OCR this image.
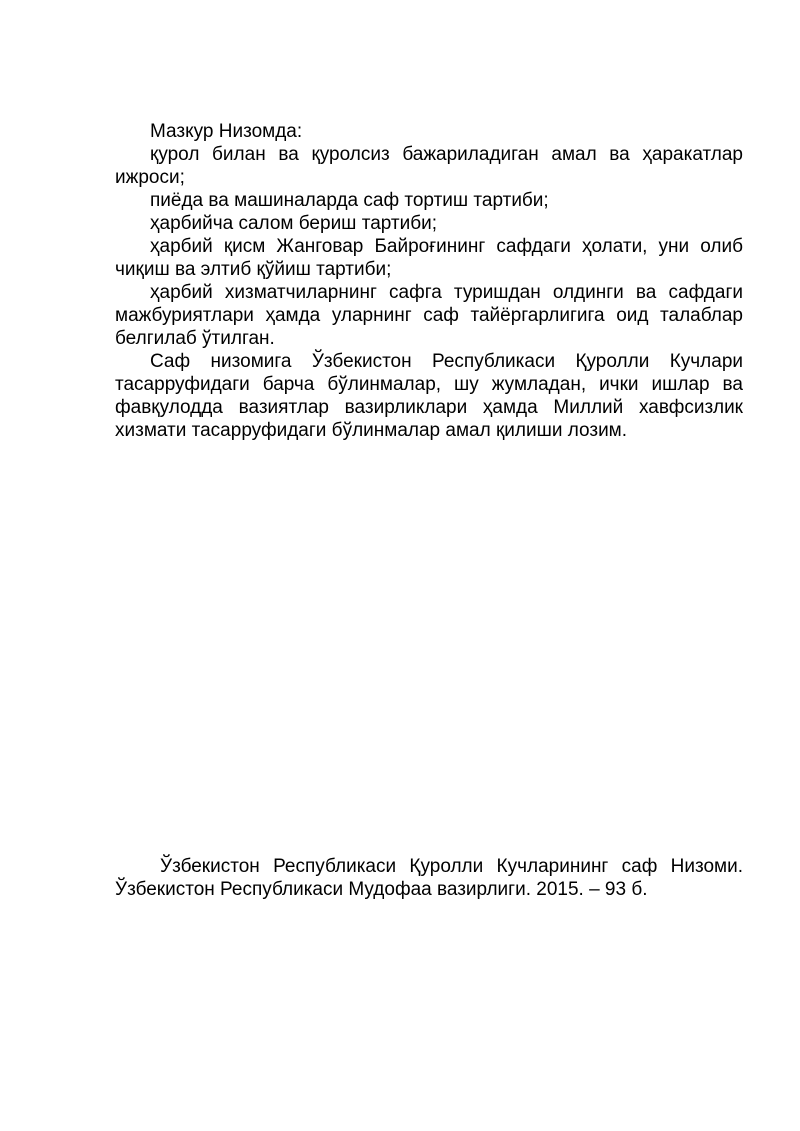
Мазкур Низомда:

қурол билан ва қуролсиз бажариладиган амал ва ҳаракатлар ижроси;

пиёда ва машиналарда саф тортиш тартиби;

ҳарбийча салом бериш тартиби;

ҳарбий қисм Жанговар Байроғининг сафдаги ҳолати, уни олиб чиқиш ва элтиб қўйиш тартиби;

ҳарбий хизматчиларнинг сафга туришдан олдинги ва сафдаги мажбуриятлари ҳамда уларнинг саф тайёргарлигига оид талаблар белгилаб ўтилган.

Саф низомига Ўзбекистон Республикаси Қуролли Кучлари тасарруфидаги барча бўлинмалар, шу жумладан, ички ишлар ва фавқулодда вазиятлар вазирликлари ҳамда Миллий хавфсизлик хизмати тасарруфидаги бўлинмалар амал қилиши лозим.

Ўзбекистон Республикаси Қуролли Кучларининг саф Низоми. Ўзбекистон Республикаси Мудофаа вазирлиги. 2015. – 93 б.
